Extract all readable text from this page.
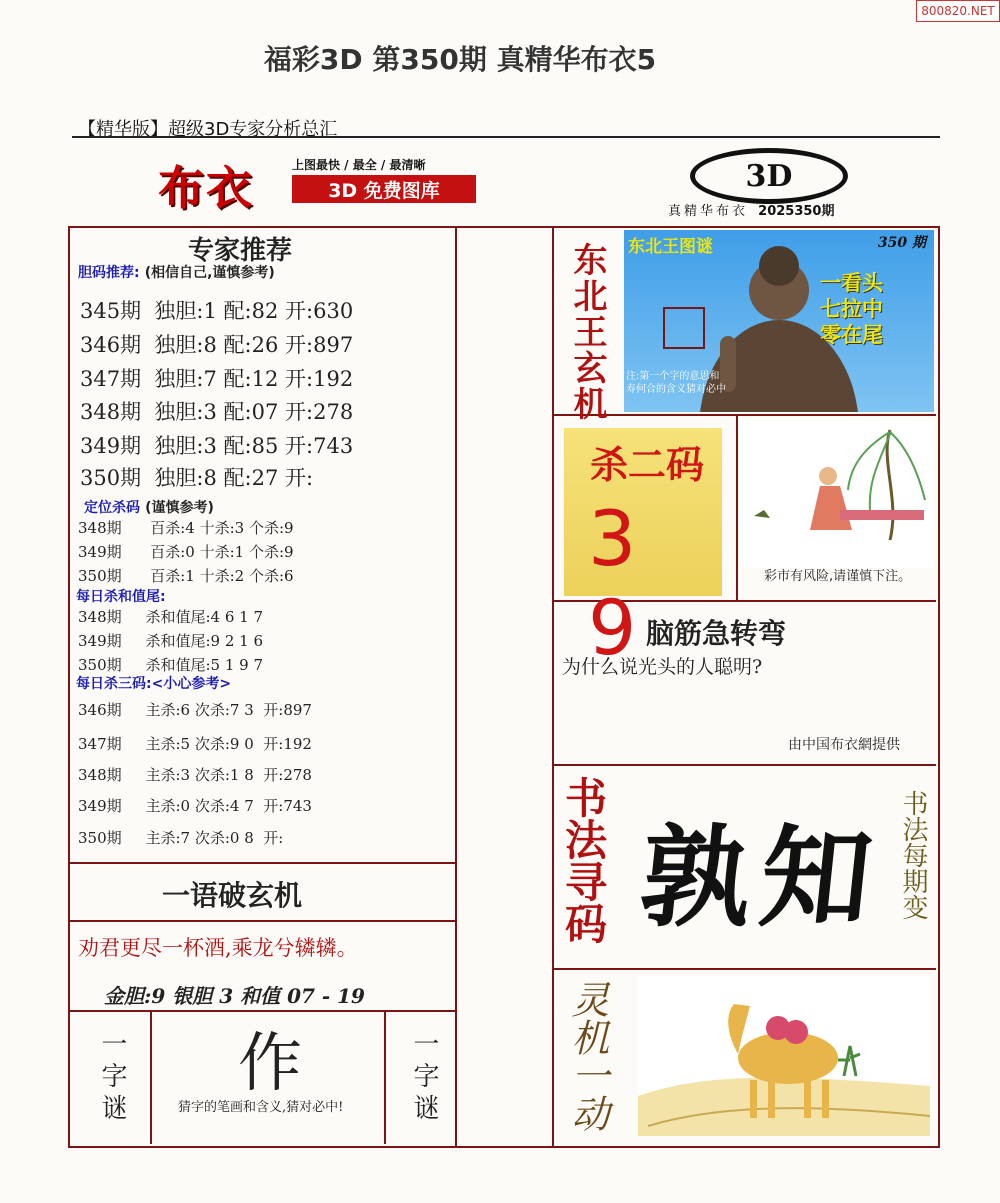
800820.NET
福彩3D 第350期 真精华布衣5
【精华版】超级3D专家分析总汇
布衣	上图最快 / 最全 / 最清晰
3D 免费图库	3D
真精华布衣 2025350期
专家推荐
胆码推荐: (相信自己,谨慎参考)
345期  独胆:1 配:82 开:630
346期  独胆:8 配:26 开:897
347期  独胆:7 配:12 开:192
348期  独胆:3 配:07 开:278
349期  独胆:3 配:85 开:743
350期  独胆:8 配:27 开:
定位杀码 (谨慎参考)
348期      百杀:4 十杀:3 个杀:9
349期      百杀:0 十杀:1 个杀:9
350期      百杀:1 十杀:2 个杀:6
每日杀和值尾:
348期     杀和值尾:4 6 1 7
349期     杀和值尾:9 2 1 6
350期     杀和值尾:5 1 9 7
每日杀三码:<小心参考>
346期     主杀:6 次杀:7 3  开:897
347期     主杀:5 次杀:9 0  开:192
348期     主杀:3 次杀:1 8  开:278
349期     主杀:0 次杀:4 7  开:743
350期     主杀:7 次杀:0 8  开:
一语破玄机
劝君更尽一杯酒,乘龙兮辚辚。
金胆:9 银胆 3 和值 07 - 19
一字谜 作
猜字的笔画和含义,猜对必中!	一字谜
东北王玄机 东北王图谜	350 期
一看头
七拉中
零在尾
注:第一个字的意思和寿何合的含义猜对必中
杀二码
3 9
彩市有风险,请谨慎下注。
脑筋急转弯
为什么说光头的人聪明?
由中国布衣網提供
书法寻码 孰知 书法每期变
灵机一动
